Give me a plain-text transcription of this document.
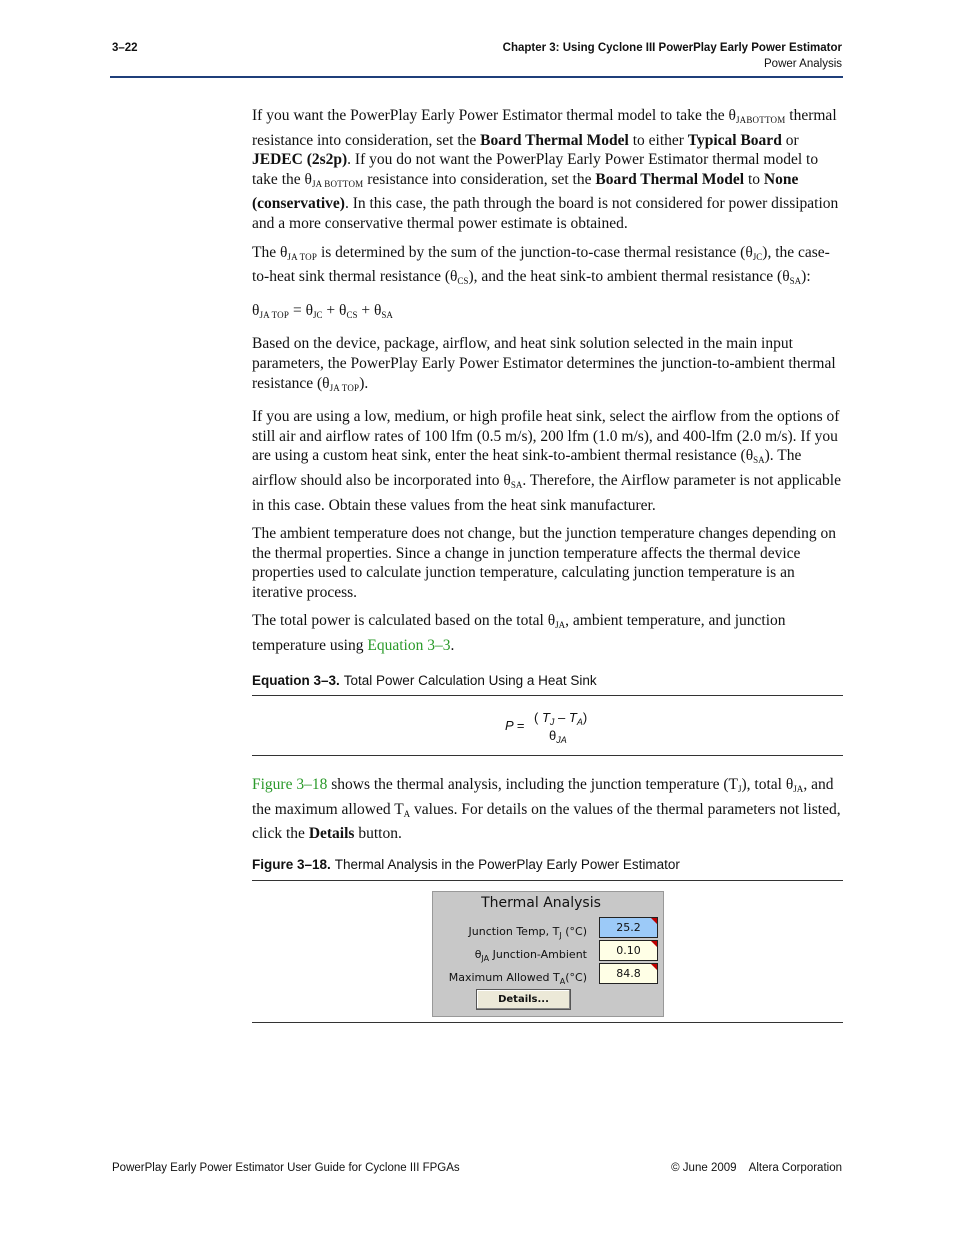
3–22	Chapter 3: Using Cyclone III PowerPlay Early Power Estimator
Power Analysis

If you want the PowerPlay Early Power Estimator thermal model to take the θJABOTTOM thermal resistance into consideration, set the Board Thermal Model to either Typical Board or JEDEC (2s2p). If you do not want the PowerPlay Early Power Estimator thermal model to take the θJA BOTTOM resistance into consideration, set the Board Thermal Model to None (conservative). In this case, the path through the board is not considered for power dissipation and a more conservative thermal power estimate is obtained.

The θJA TOP is determined by the sum of the junction-to-case thermal resistance $(\theta_{JC})$, the case-to-heat sink thermal resistance $(\theta_{CS})$, and the heat sink-to ambient thermal resistance $(\theta_{SA})$:

θJA TOP = $\theta_{JC} + \theta_{CS} + \theta_{SA}$

Based on the device, package, airflow, and heat sink solution selected in the main input parameters, the PowerPlay Early Power Estimator determines the junction-to-ambient thermal resistance (θJA TOP).

If you are using a low, medium, or high profile heat sink, select the airflow from the options of still air and airflow rates of 100 lfm (0.5 m/s), 200 lfm (1.0 m/s), and 400-lfm (2.0 m/s). If you are using a custom heat sink, enter the heat sink-to-ambient thermal resistance $(\theta_{SA})$. The airflow should also be incorporated into $\theta_{SA}$. Therefore, the Airflow parameter is not applicable in this case. Obtain these values from the heat sink manufacturer.

The ambient temperature does not change, but the junction temperature changes depending on the thermal properties. Since a change in junction temperature affects the thermal device properties used to calculate junction temperature, calculating junction temperature is an iterative process.

The total power is calculated based on the total $\theta_{JA}$, ambient temperature, and junction temperature using Equation 3–3.

Equation 3–3. Total Power Calculation Using a Heat Sink
P =
( $T_J - T_A$)
$\theta_{JA}$

Figure 3–18 shows the thermal analysis, including the junction temperature $(T_J)$, total $\theta_{JA}$, and the maximum allowed $T_A$ values. For details on the values of the thermal parameters not listed, click the Details button.

Figure 3–18. Thermal Analysis in the PowerPlay Early Power Estimator
Thermal Analysis
Junction Temp, $T_J$ (°C)	25.2
$\theta_{JA}$ Junction-Ambient	0.10
Maximum Allowed $T_A(^\circ C)$	84.8
Details...
PowerPlay Early Power Estimator User Guide for Cyclone III FPGAs	© June 2009    Altera Corporation
